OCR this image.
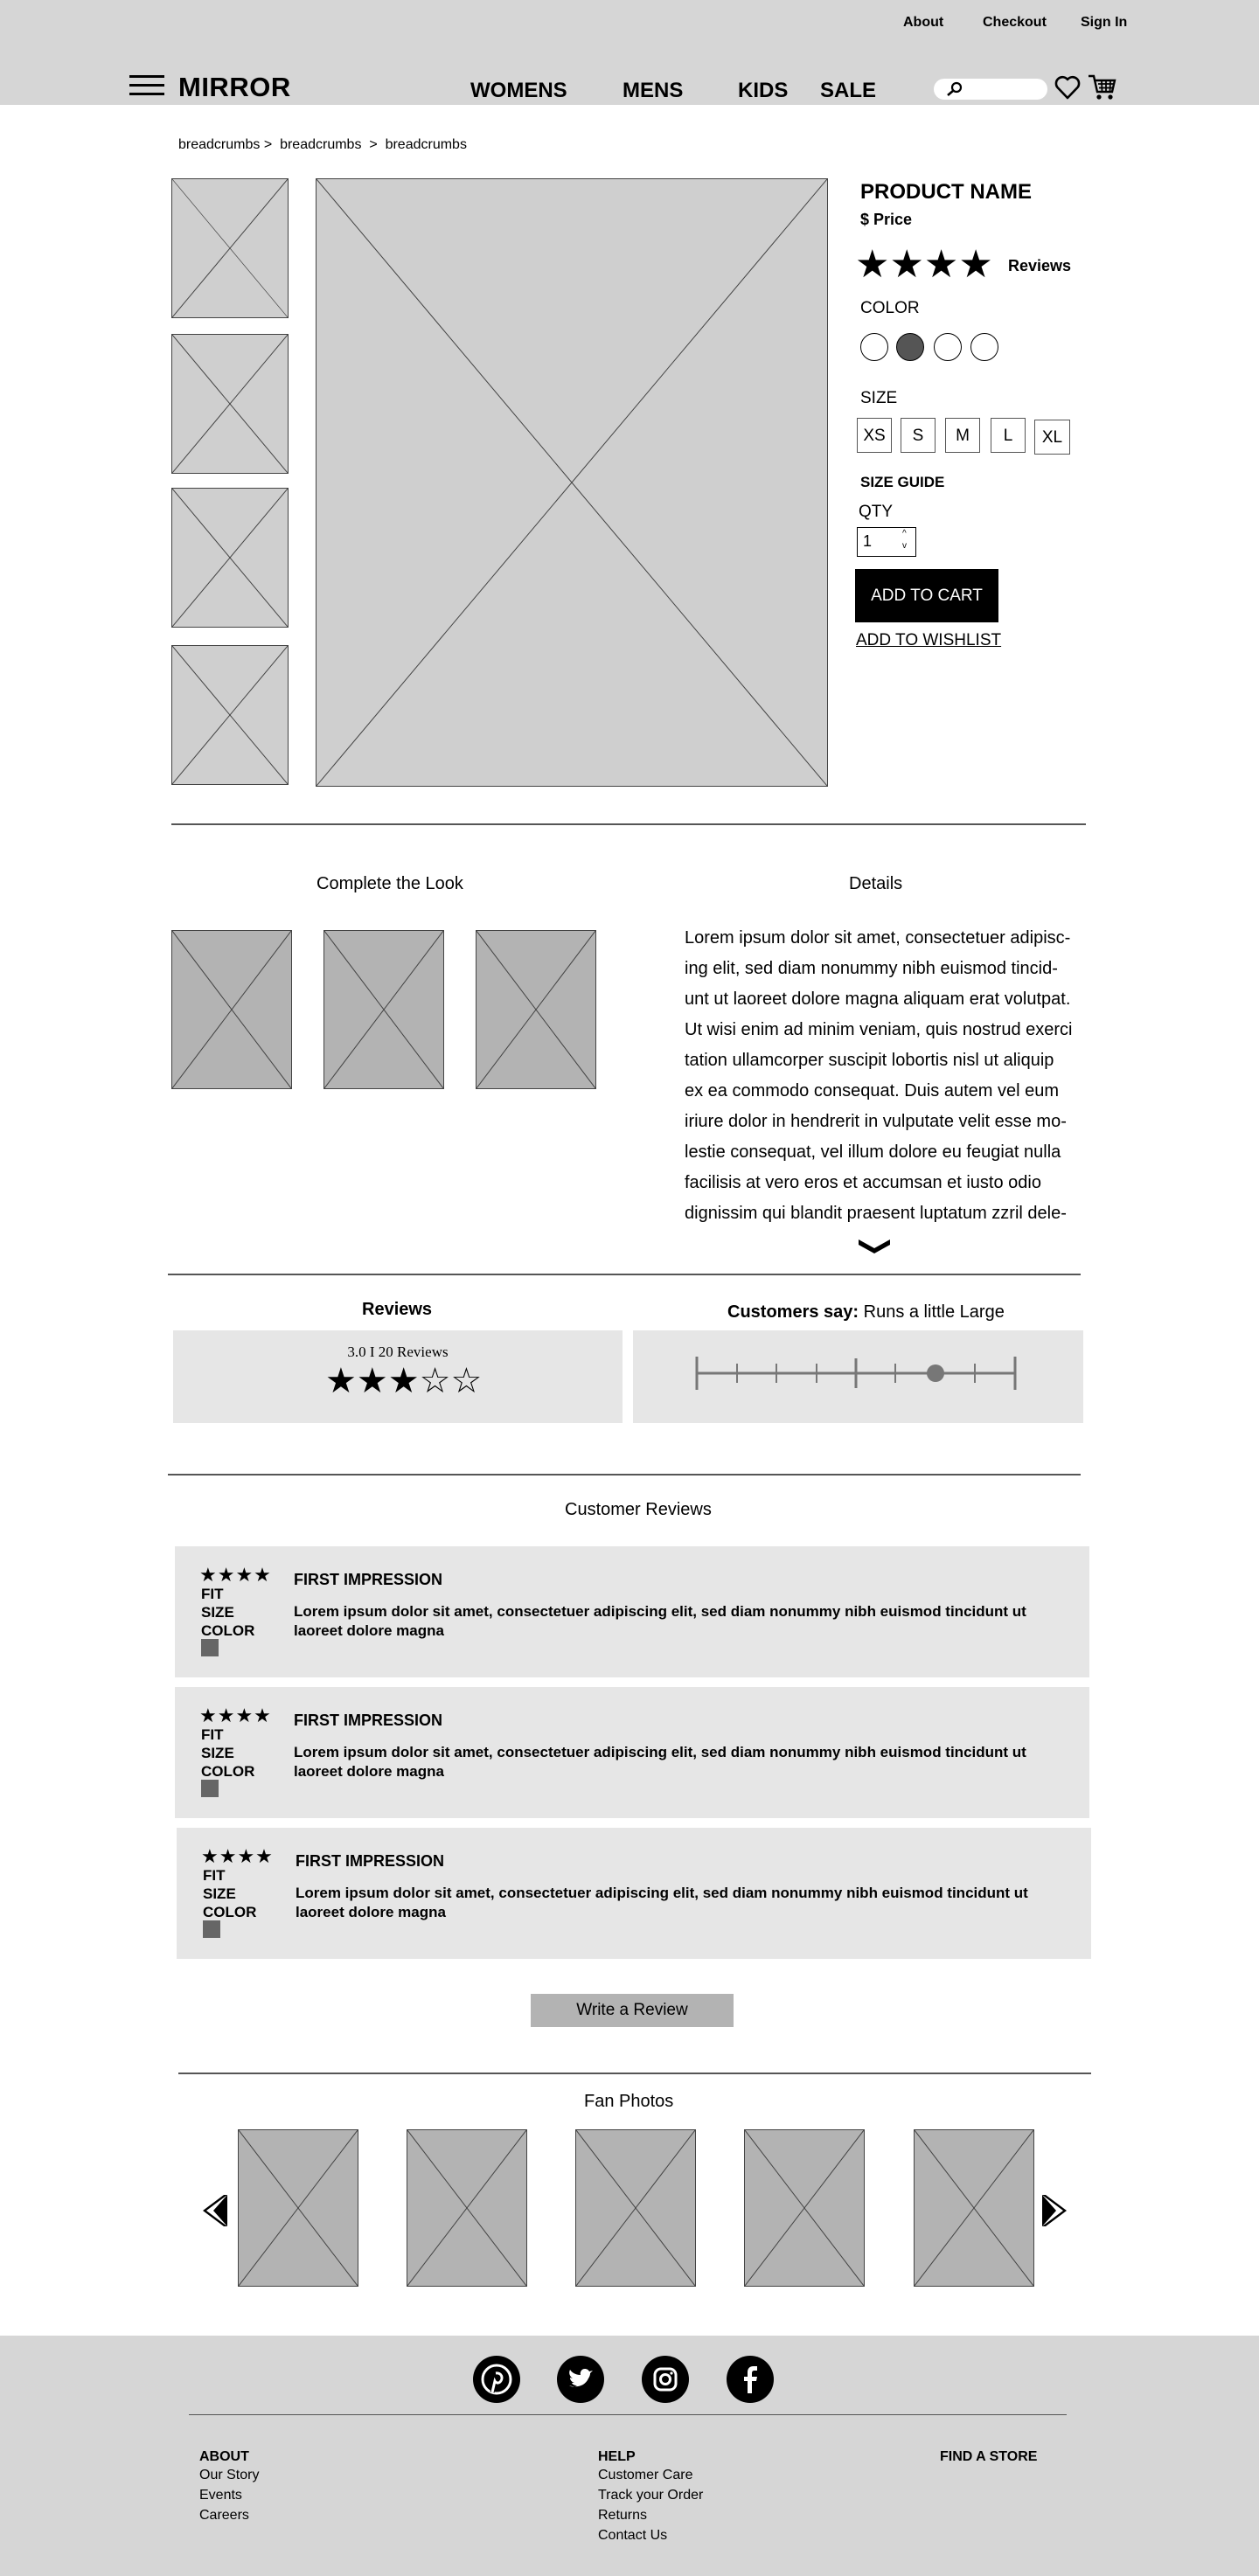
About	Checkout Sign In
MIRROR	WOMENS	MENS	KIDS SALE
breadcrumbs > breadcrumbs > breadcrumbs
PRODUCT NAME
$ Price
★★★★ Reviews
COLOR
SIZE
XS	S	M	L	XL
SIZE GUIDE
QTY
1	^
v
ADD TO CART
ADD TO WISHLIST
Complete the Look	Details
Lorem ipsum dolor sit amet, consectetuer adipisc-
ing elit, sed diam nonummy nibh euismod tincid-
unt ut laoreet dolore magna aliquam erat volutpat.
Ut wisi enim ad minim veniam, quis nostrud exerci
tation ullamcorper suscipit lobortis nisl ut aliquip
ex ea commodo consequat. Duis autem vel eum
iriure dolor in hendrerit in vulputate velit esse mo-
lestie consequat, vel illum dolore eu feugiat nulla
facilisis at vero eros et accumsan et iusto odio
dignissim qui blandit praesent luptatum zzril dele-
Reviews
3.0 I 20 Reviews
★★★☆☆
Customers say: Runs a little Large
Customer Reviews
★★★★
FIT
SIZE
COLOR
FIRST IMPRESSION
Lorem ipsum dolor sit amet, consectetuer adipiscing elit, sed diam nonummy nibh euismod tincidunt ut
laoreet dolore magna
★★★★
FIT
SIZE
COLOR
FIRST IMPRESSION
Lorem ipsum dolor sit amet, consectetuer adipiscing elit, sed diam nonummy nibh euismod tincidunt ut
laoreet dolore magna
★★★★
FIT
SIZE
COLOR
FIRST IMPRESSION
Lorem ipsum dolor sit amet, consectetuer adipiscing elit, sed diam nonummy nibh euismod tincidunt ut
laoreet dolore magna
Write a Review
Fan Photos
ABOUT
Our Story
Events
Careers
HELP
Customer Care
Track your Order
Returns
Contact Us
FIND A STORE
